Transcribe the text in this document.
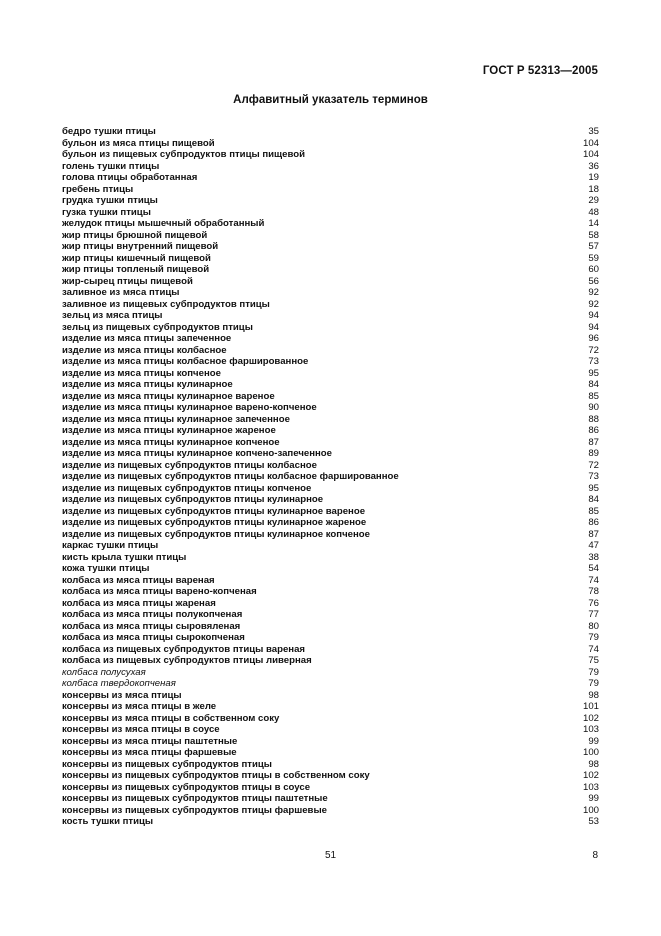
ГОСТ Р 52313—2005
Алфавитный указатель терминов
бедро тушки птицы	35
бульон из мяса птицы пищевой	104
бульон из пищевых субпродуктов птицы пищевой	104
голень тушки птицы	36
голова птицы обработанная	19
гребень птицы	18
грудка тушки птицы	29
гузка тушки птицы	48
желудок птицы мышечный обработанный	14
жир птицы брюшной пищевой	58
жир птицы внутренний пищевой	57
жир птицы кишечный пищевой	59
жир птицы топленый пищевой	60
жир-сырец птицы пищевой	56
заливное из мяса птицы	92
заливное из пищевых субпродуктов птицы	92
зельц из мяса птицы	94
зельц из пищевых субпродуктов птицы	94
изделие из мяса птицы запеченное	96
изделие из мяса птицы колбасное	72
изделие из мяса птицы колбасное фаршированное	73
изделие из мяса птицы копченое	95
изделие из мяса птицы кулинарное	84
изделие из мяса птицы кулинарное вареное	85
изделие из мяса птицы кулинарное варено-копченое	90
изделие из мяса птицы кулинарное запеченное	88
изделие из мяса птицы кулинарное жареное	86
изделие из мяса птицы кулинарное копченое	87
изделие из мяса птицы кулинарное копчено-запеченное	89
изделие из пищевых субпродуктов птицы колбасное	72
изделие из пищевых субпродуктов птицы колбасное фаршированное	73
изделие из пищевых субпродуктов птицы копченое	95
изделие из пищевых субпродуктов птицы кулинарное	84
изделие из пищевых субпродуктов птицы кулинарное вареное	85
изделие из пищевых субпродуктов птицы кулинарное жареное	86
изделие из пищевых субпродуктов птицы кулинарное копченое	87
каркас тушки птицы	47
кисть крыла тушки птицы	38
кожа тушки птицы	54
колбаса из мяса птицы вареная	74
колбаса из мяса птицы варено-копченая	78
колбаса из мяса птицы жареная	76
колбаса из мяса птицы полукопченая	77
колбаса из мяса птицы сыровяленая	80
колбаса из мяса птицы сырокопченая	79
колбаса из пищевых субпродуктов птицы вареная	74
колбаса из пищевых субпродуктов птицы ливерная	75
колбаса полусухая	79
колбаса твердокопченая	79
консервы из мяса птицы	98
консервы из мяса птицы в желе	101
консервы из мяса птицы в собственном соку	102
консервы из мяса птицы в соусе	103
консервы из мяса птицы паштетные	99
консервы из мяса птицы фаршевые	100
консервы из пищевых субпродуктов птицы	98
консервы из пищевых субпродуктов птицы в собственном соку	102
консервы из пищевых субпродуктов птицы в соусе	103
консервы из пищевых субпродуктов птицы паштетные	99
консервы из пищевых субпродуктов птицы фаршевые	100
кость тушки птицы	53
51	8
